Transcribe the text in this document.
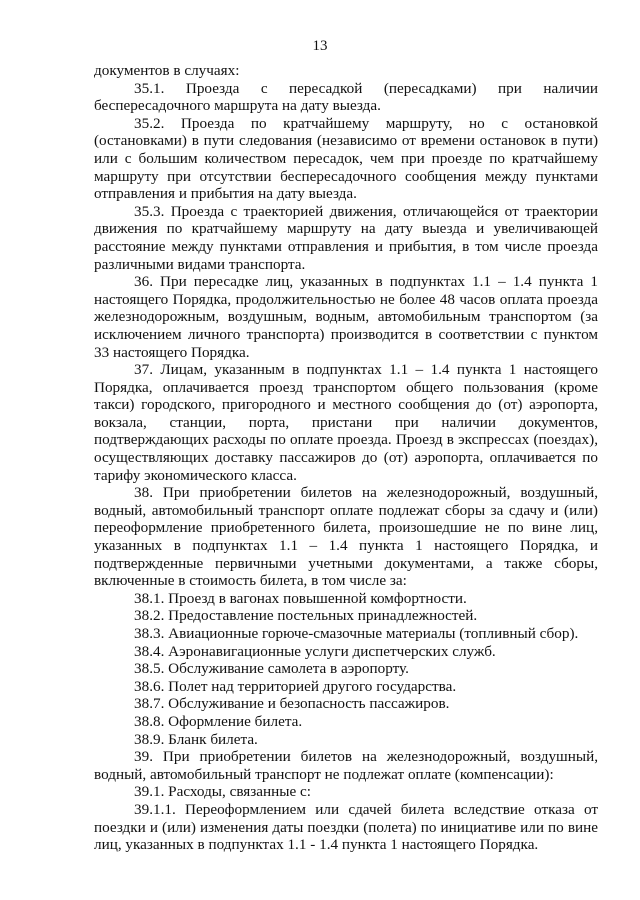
13

документов в случаях:

35.1. Проезда с пересадкой (пересадками) при наличии беспересадочного маршрута на дату выезда.

35.2. Проезда по кратчайшему маршруту, но с остановкой (остановками) в пути следования (независимо от времени остановок в пути) или с большим количеством пересадок, чем при проезде по кратчайшему маршруту при отсутствии беспересадочного сообщения между пунктами отправления и прибытия на дату выезда.

35.3. Проезда с траекторией движения, отличающейся от траектории движения по кратчайшему маршруту на дату выезда и увеличивающей расстояние между пунктами отправления и прибытия, в том числе проезда различными видами транспорта.

36. При пересадке лиц, указанных в подпунктах 1.1 – 1.4 пункта 1 настоящего Порядка, продолжительностью не более 48 часов оплата проезда железнодорожным, воздушным, водным, автомобильным транспортом (за исключением личного транспорта) производится в соответствии с пунктом 33 настоящего Порядка.

37. Лицам, указанным в подпунктах 1.1 – 1.4 пункта 1 настоящего Порядка, оплачивается проезд транспортом общего пользования (кроме такси) городского, пригородного и местного сообщения до (от) аэропорта, вокзала, станции, порта, пристани при наличии документов, подтверждающих расходы по оплате проезда. Проезд в экспрессах (поездах), осуществляющих доставку пассажиров до (от) аэропорта, оплачивается по тарифу экономического класса.

38. При приобретении билетов на железнодорожный, воздушный, водный, автомобильный транспорт оплате подлежат сборы за сдачу и (или) переоформление приобретенного билета, произошедшие не по вине лиц, указанных в подпунктах 1.1 – 1.4 пункта 1 настоящего Порядка, и подтвержденные первичными учетными документами, а также сборы, включенные в стоимость билета, в том числе за:

38.1. Проезд в вагонах повышенной комфортности.

38.2. Предоставление постельных принадлежностей.

38.3. Авиационные горюче-смазочные материалы (топливный сбор).

38.4. Аэронавигационные услуги диспетчерских служб.

38.5. Обслуживание самолета в аэропорту.

38.6. Полет над территорией другого государства.

38.7. Обслуживание и безопасность пассажиров.

38.8. Оформление билета.

38.9. Бланк билета.

39. При приобретении билетов на железнодорожный, воздушный, водный, автомобильный транспорт не подлежат оплате (компенсации):

39.1. Расходы, связанные с:

39.1.1. Переоформлением или сдачей билета вследствие отказа от поездки и (или) изменения даты поездки (полета) по инициативе или по вине лиц, указанных в подпунктах 1.1 - 1.4 пункта 1 настоящего Порядка.
